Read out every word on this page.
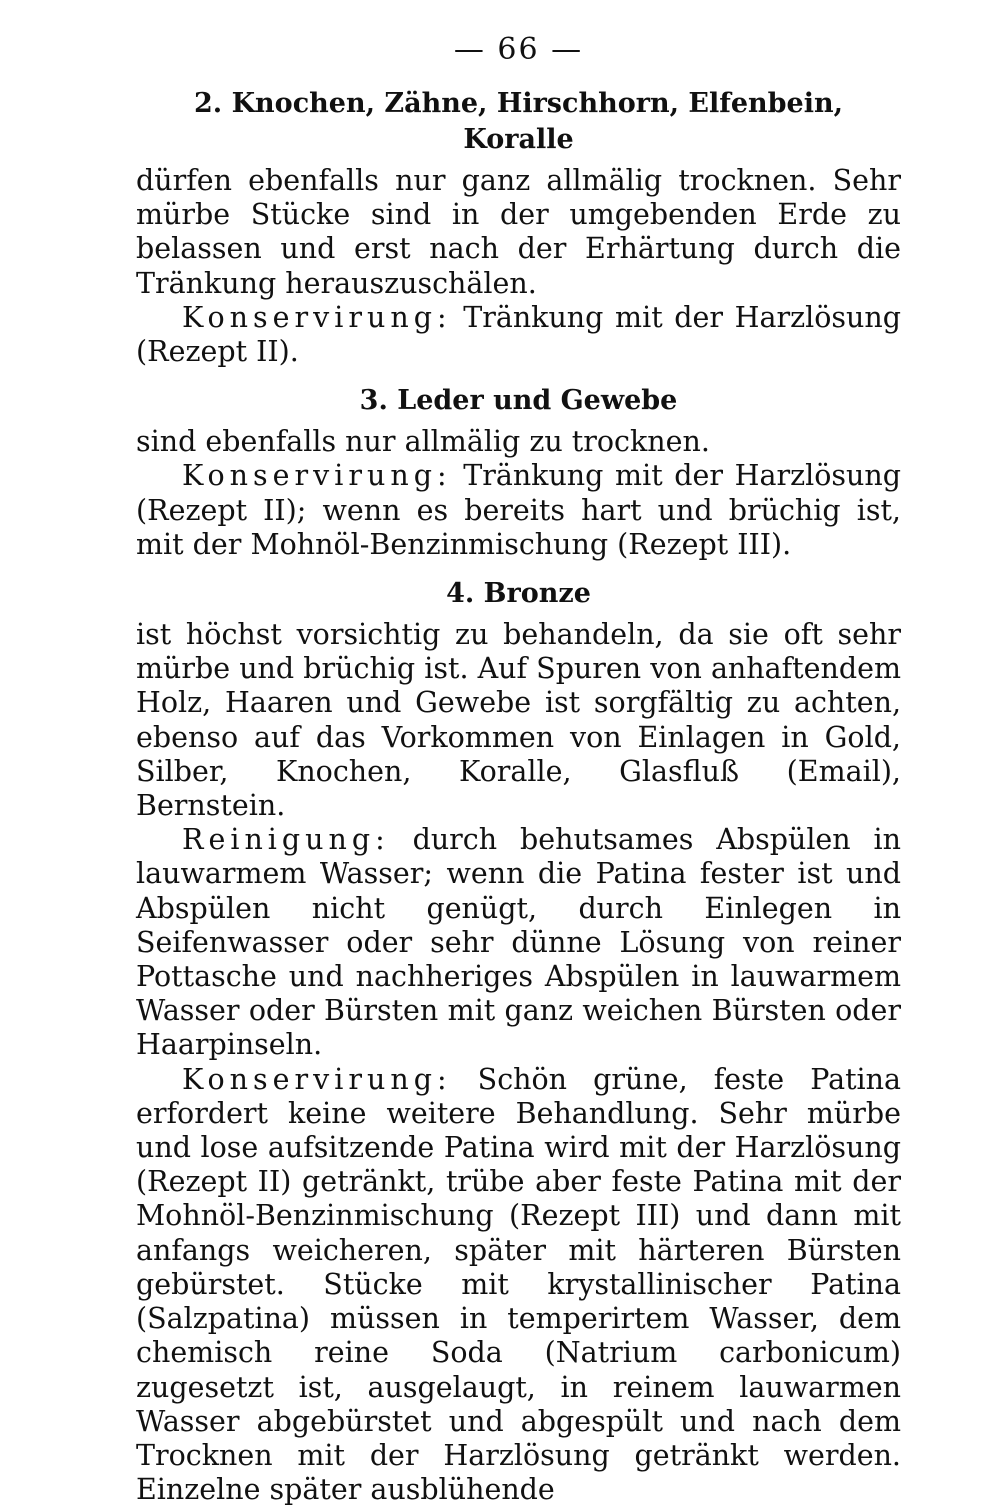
— 66 —
2. Knochen, Zähne, Hirschhorn, Elfenbein, Koralle

dürfen ebenfalls nur ganz allmälig trocknen. Sehr mürbe Stücke sind in der umgebenden Erde zu belassen und erst nach der Erhärtung durch die Tränkung herauszuschälen.

Konservirung: Tränkung mit der Harzlösung (Rezept II).

3. Leder und Gewebe

sind ebenfalls nur allmälig zu trocknen.

Konservirung: Tränkung mit der Harzlösung (Rezept II); wenn es bereits hart und brüchig ist, mit der Mohnöl-Benzinmischung (Rezept III).

4. Bronze

ist höchst vorsichtig zu behandeln, da sie oft sehr mürbe und brüchig ist. Auf Spuren von anhaftendem Holz, Haaren und Gewebe ist sorgfältig zu achten, ebenso auf das Vorkommen von Einlagen in Gold, Silber, Knochen, Koralle, Glasfluß (Email), Bernstein.

Reinigung: durch behutsames Abspülen in lauwarmem Wasser; wenn die Patina fester ist und Abspülen nicht genügt, durch Einlegen in Seifenwasser oder sehr dünne Lösung von reiner Pottasche und nachheriges Abspülen in lauwarmem Wasser oder Bürsten mit ganz weichen Bürsten oder Haarpinseln.

Konservirung: Schön grüne, feste Patina erfordert keine weitere Behandlung. Sehr mürbe und lose aufsitzende Patina wird mit der Harzlösung (Rezept II) getränkt, trübe aber feste Patina mit der Mohnöl-Benzinmischung (Rezept III) und dann mit anfangs weicheren, später mit härteren Bürsten gebürstet. Stücke mit krystallinischer Patina (Salzpatina) müssen in temperirtem Wasser, dem chemisch reine Soda (Natrium carbonicum) zugesetzt ist, ausgelaugt, in reinem lauwarmen Wasser abgebürstet und abgespült und nach dem Trocknen mit der Harzlösung getränkt werden. Einzelne später ausblühende
